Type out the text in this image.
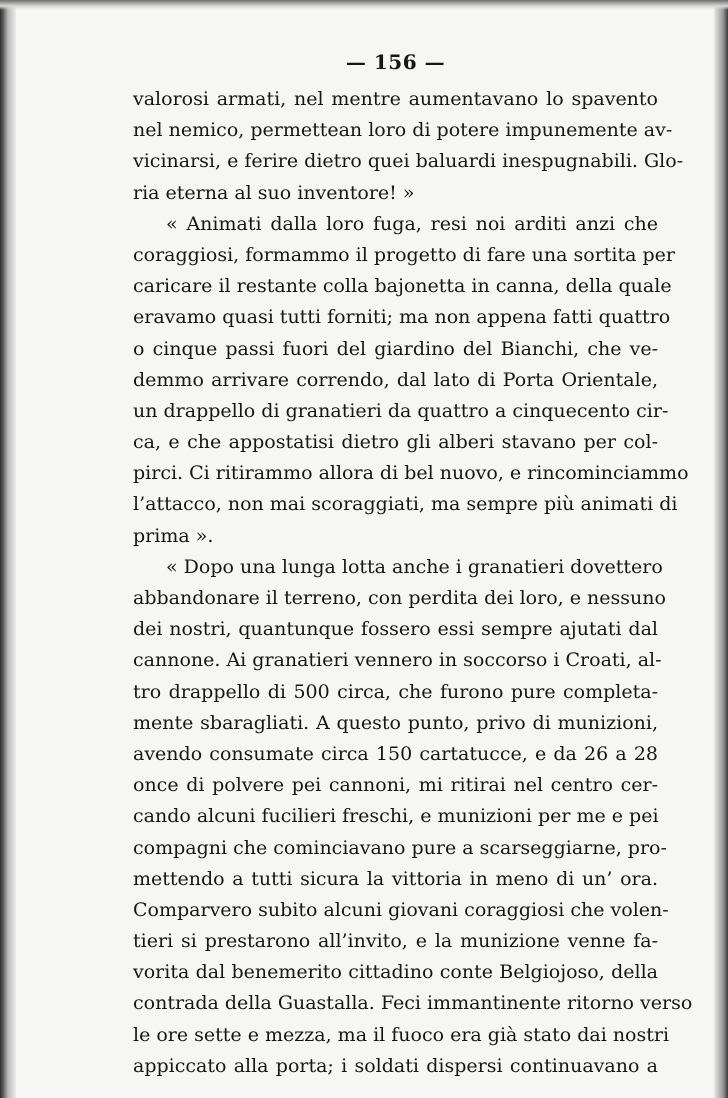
— 156 —
valorosi armati, nel mentre aumentavano lo spavento
nel nemico, permettean loro di potere impunemente av-
vicinarsi, e ferire dietro quei baluardi inespugnabili. Glo-
ria eterna al suo inventore! »
« Animati dalla loro fuga, resi noi arditi anzi che
coraggiosi, formammo il progetto di fare una sortita per
caricare il restante colla bajonetta in canna, della quale
eravamo quasi tutti forniti; ma non appena fatti quattro
o cinque passi fuori del giardino del Bianchi, che ve-
demmo arrivare correndo, dal lato di Porta Orientale,
un drappello di granatieri da quattro a cinquecento cir-
ca, e che appostatisi dietro gli alberi stavano per col-
pirci. Ci ritirammo allora di bel nuovo, e rincominciammo
l’attacco, non mai scoraggiati, ma sempre più animati di
prima ».
« Dopo una lunga lotta anche i granatieri dovettero
abbandonare il terreno, con perdita dei loro, e nessuno
dei nostri, quantunque fossero essi sempre ajutati dal
cannone. Ai granatieri vennero in soccorso i Croati, al-
tro drappello di 500 circa, che furono pure completa-
mente sbaragliati. A questo punto, privo di munizioni,
avendo consumate circa 150 cartatucce, e da 26 a 28
once di polvere pei cannoni, mi ritirai nel centro cer-
cando alcuni fucilieri freschi, e munizioni per me e pei
compagni che cominciavano pure a scarseggiarne, pro-
mettendo a tutti sicura la vittoria in meno di un’ ora.
Comparvero subito alcuni giovani coraggiosi che volen-
tieri si prestarono all’invito, e la munizione venne fa-
vorita dal benemerito cittadino conte Belgiojoso, della
contrada della Guastalla. Feci immantinente ritorno verso
le ore sette e mezza, ma il fuoco era già stato dai nostri
appiccato alla porta; i soldati dispersi continuavano a
